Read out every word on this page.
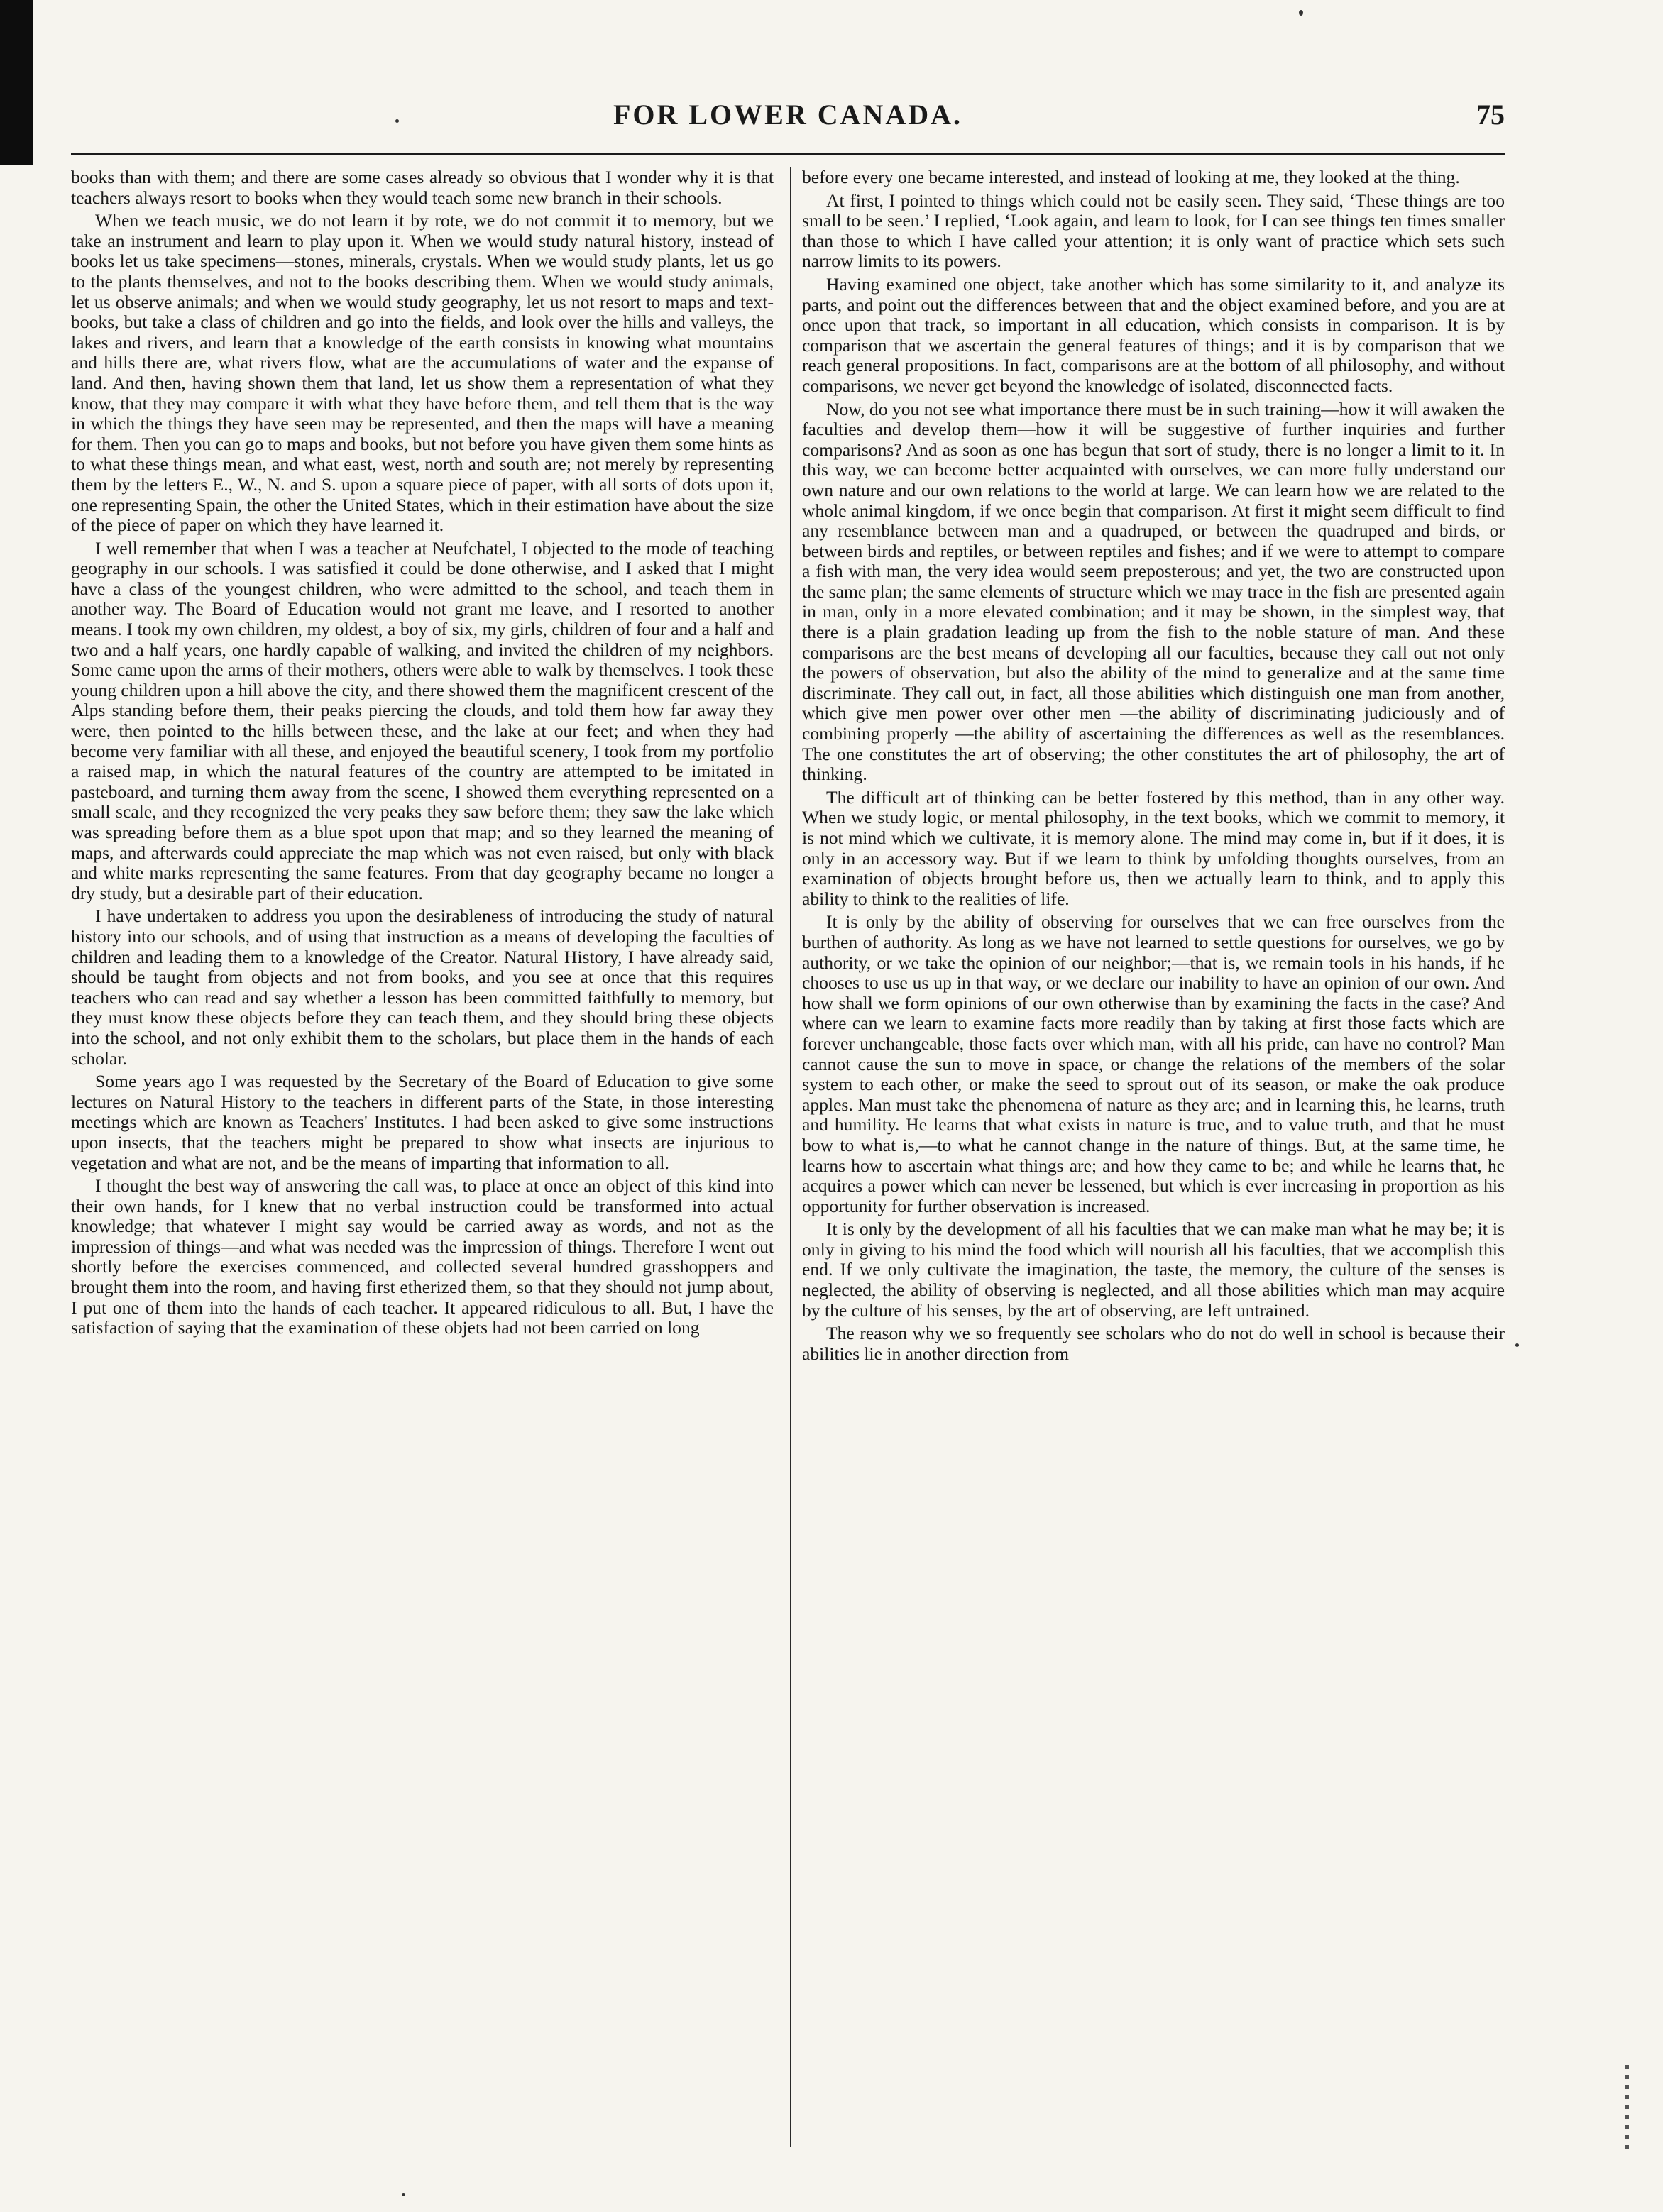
FOR LOWER CANADA.	75

books than with them; and there are some cases already so obvious that I wonder why it is that teachers always resort to books when they would teach some new branch in their schools.

When we teach music, we do not learn it by rote, we do not commit it to memory, but we take an instrument and learn to play upon it. When we would study natural history, instead of books let us take specimens—stones, minerals, crystals. When we would study plants, let us go to the plants themselves, and not to the books describing them. When we would study animals, let us observe animals; and when we would study geography, let us not resort to maps and text-books, but take a class of children and go into the fields, and look over the hills and valleys, the lakes and rivers, and learn that a knowledge of the earth consists in knowing what mountains and hills there are, what rivers flow, what are the accumulations of water and the expanse of land. And then, having shown them that land, let us show them a representation of what they know, that they may compare it with what they have before them, and tell them that is the way in which the things they have seen may be represented, and then the maps will have a meaning for them. Then you can go to maps and books, but not before you have given them some hints as to what these things mean, and what east, west, north and south are; not merely by representing them by the letters E., W., N. and S. upon a square piece of paper, with all sorts of dots upon it, one representing Spain, the other the United States, which in their estimation have about the size of the piece of paper on which they have learned it.

I well remember that when I was a teacher at Neufchatel, I objected to the mode of teaching geography in our schools. I was satisfied it could be done otherwise, and I asked that I might have a class of the youngest children, who were admitted to the school, and teach them in another way. The Board of Education would not grant me leave, and I resorted to another means. I took my own children, my oldest, a boy of six, my girls, children of four and a half and two and a half years, one hardly capable of walking, and invited the children of my neighbors. Some came upon the arms of their mothers, others were able to walk by themselves. I took these young children upon a hill above the city, and there showed them the magnificent crescent of the Alps standing before them, their peaks piercing the clouds, and told them how far away they were, then pointed to the hills between these, and the lake at our feet; and when they had become very familiar with all these, and enjoyed the beautiful scenery, I took from my portfolio a raised map, in which the natural features of the country are attempted to be imitated in pasteboard, and turning them away from the scene, I showed them everything represented on a small scale, and they recognized the very peaks they saw before them; they saw the lake which was spreading before them as a blue spot upon that map; and so they learned the meaning of maps, and afterwards could appreciate the map which was not even raised, but only with black and white marks representing the same features. From that day geography became no longer a dry study, but a desirable part of their education.

I have undertaken to address you upon the desirableness of introducing the study of natural history into our schools, and of using that instruction as a means of developing the faculties of children and leading them to a knowledge of the Creator. Natural History, I have already said, should be taught from objects and not from books, and you see at once that this requires teachers who can read and say whether a lesson has been committed faithfully to memory, but they must know these objects before they can teach them, and they should bring these objects into the school, and not only exhibit them to the scholars, but place them in the hands of each scholar.

Some years ago I was requested by the Secretary of the Board of Education to give some lectures on Natural History to the teachers in different parts of the State, in those interesting meetings which are known as Teachers' Institutes. I had been asked to give some instructions upon insects, that the teachers might be prepared to show what insects are injurious to vegetation and what are not, and be the means of imparting that information to all.

I thought the best way of answering the call was, to place at once an object of this kind into their own hands, for I knew that no verbal instruction could be transformed into actual knowledge; that whatever I might say would be carried away as words, and not as the impression of things—and what was needed was the impression of things. Therefore I went out shortly before the exercises commenced, and collected several hundred grasshoppers and brought them into the room, and having first etherized them, so that they should not jump about, I put one of them into the hands of each teacher. It appeared ridiculous to all. But, I have the satisfaction of saying that the examination of these objets had not been carried on long

before every one became interested, and instead of looking at me, they looked at the thing.

At first, I pointed to things which could not be easily seen. They said, ‘These things are too small to be seen.’ I replied, ‘Look again, and learn to look, for I can see things ten times smaller than those to which I have called your attention; it is only want of practice which sets such narrow limits to its powers.

Having examined one object, take another which has some similarity to it, and analyze its parts, and point out the differences between that and the object examined before, and you are at once upon that track, so important in all education, which consists in comparison. It is by comparison that we ascertain the general features of things; and it is by comparison that we reach general propositions. In fact, comparisons are at the bottom of all philosophy, and without comparisons, we never get beyond the knowledge of isolated, disconnected facts.

Now, do you not see what importance there must be in such training—how it will awaken the faculties and develop them—how it will be suggestive of further inquiries and further comparisons? And as soon as one has begun that sort of study, there is no longer a limit to it. In this way, we can become better acquainted with ourselves, we can more fully understand our own nature and our own relations to the world at large. We can learn how we are related to the whole animal kingdom, if we once begin that comparison. At first it might seem difficult to find any resemblance between man and a quadruped, or between the quadruped and birds, or between birds and reptiles, or between reptiles and fishes; and if we were to attempt to compare a fish with man, the very idea would seem preposterous; and yet, the two are constructed upon the same plan; the same elements of structure which we may trace in the fish are presented again in man, only in a more elevated combination; and it may be shown, in the simplest way, that there is a plain gradation leading up from the fish to the noble stature of man. And these comparisons are the best means of developing all our faculties, because they call out not only the powers of observation, but also the ability of the mind to generalize and at the same time discriminate. They call out, in fact, all those abilities which distinguish one man from another, which give men power over other men —the ability of discriminating judiciously and of combining properly —the ability of ascertaining the differences as well as the resemblances. The one constitutes the art of observing; the other constitutes the art of philosophy, the art of thinking.

The difficult art of thinking can be better fostered by this method, than in any other way. When we study logic, or mental philosophy, in the text books, which we commit to memory, it is not mind which we cultivate, it is memory alone. The mind may come in, but if it does, it is only in an accessory way. But if we learn to think by unfolding thoughts ourselves, from an examination of objects brought before us, then we actually learn to think, and to apply this ability to think to the realities of life.

It is only by the ability of observing for ourselves that we can free ourselves from the burthen of authority. As long as we have not learned to settle questions for ourselves, we go by authority, or we take the opinion of our neighbor;—that is, we remain tools in his hands, if he chooses to use us up in that way, or we declare our inability to have an opinion of our own. And how shall we form opinions of our own otherwise than by examining the facts in the case? And where can we learn to examine facts more readily than by taking at first those facts which are forever unchangeable, those facts over which man, with all his pride, can have no control? Man cannot cause the sun to move in space, or change the relations of the members of the solar system to each other, or make the seed to sprout out of its season, or make the oak produce apples. Man must take the phenomena of nature as they are; and in learning this, he learns, truth and humility. He learns that what exists in nature is true, and to value truth, and that he must bow to what is,—to what he cannot change in the nature of things. But, at the same time, he learns how to ascertain what things are; and how they came to be; and while he learns that, he acquires a power which can never be lessened, but which is ever increasing in proportion as his opportunity for further observation is increased.

It is only by the development of all his faculties that we can make man what he may be; it is only in giving to his mind the food which will nourish all his faculties, that we accomplish this end. If we only cultivate the imagination, the taste, the memory, the culture of the senses is neglected, the ability of observing is neglected, and all those abilities which man may acquire by the culture of his senses, by the art of observing, are left untrained.

The reason why we so frequently see scholars who do not do well in school is because their abilities lie in another direction from
